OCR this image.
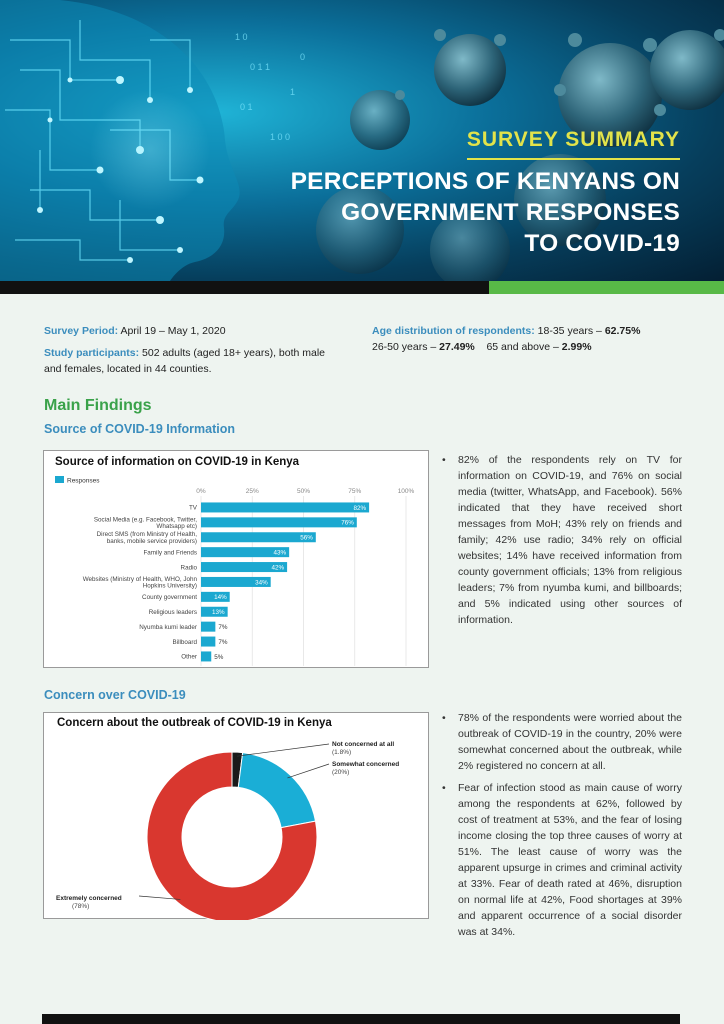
1 0
0 1 1
1
0 1
1 0 0
0
SURVEY SUMMARY
PERCEPTIONS OF KENYANS ON
GOVERNMENT RESPONSES
TO COVID-19

Survey Period: April 19 – May 1, 2020

Study participants: 502 adults (aged 18+ years), both male and females, located in 44 counties.

Age distribution of respondents: 18-35 years – 62.75%
26-50 years – 27.49% 65 and above – 2.99%
Main Findings
Source of COVID-19 Information
Source of information on COVID-19 in Kenya
Responses
0%	25%	50%	75%	100%
TV	82%
Social Media (e.g. Facebook, Twitter,
Whatsapp etc)	76%
Direct SMS (from Ministry of Health,
banks, mobile service providers)	56%
Family and Friends	43%
Radio	42%
Websites (Ministry of Health, WHO, John
Hopkins University)	34%
County government	14%
Religious leaders 13%
Nyumba kumi leader	7%
Billboard	7%
Other	5%
• 82% of the respondents rely on TV for information on COVID-19, and 76% on social media (twitter, WhatsApp, and Facebook). 56% indicated that they have received short messages from MoH; 43% rely on friends and family; 42% use radio; 34% rely on official websites; 14% have received information from county government officials; 13% from religious leaders; 7% from nyumba kumi, and billboards; and 5% indicated using other sources of information.
Concern over COVID-19
Concern about the outbreak of COVID-19 in Kenya
Not concerned at all
(1.8%)
Somewhat concerned
(20%)
Extremely concerned
(78%)
• 78% of the respondents were worried about the outbreak of COVID-19 in the country, 20% were somewhat concerned about the outbreak, while 2% registered no concern at all.
• Fear of infection stood as main cause of worry among the respondents at 62%, followed by cost of treatment at 53%, and the fear of losing income closing the top three causes of worry at 51%. The least cause of worry was the apparent upsurge in crimes and criminal activity at 33%. Fear of death rated at 46%, disruption on normal life at 42%, Food shortages at 39% and apparent occurrence of a social disorder was at 34%.
